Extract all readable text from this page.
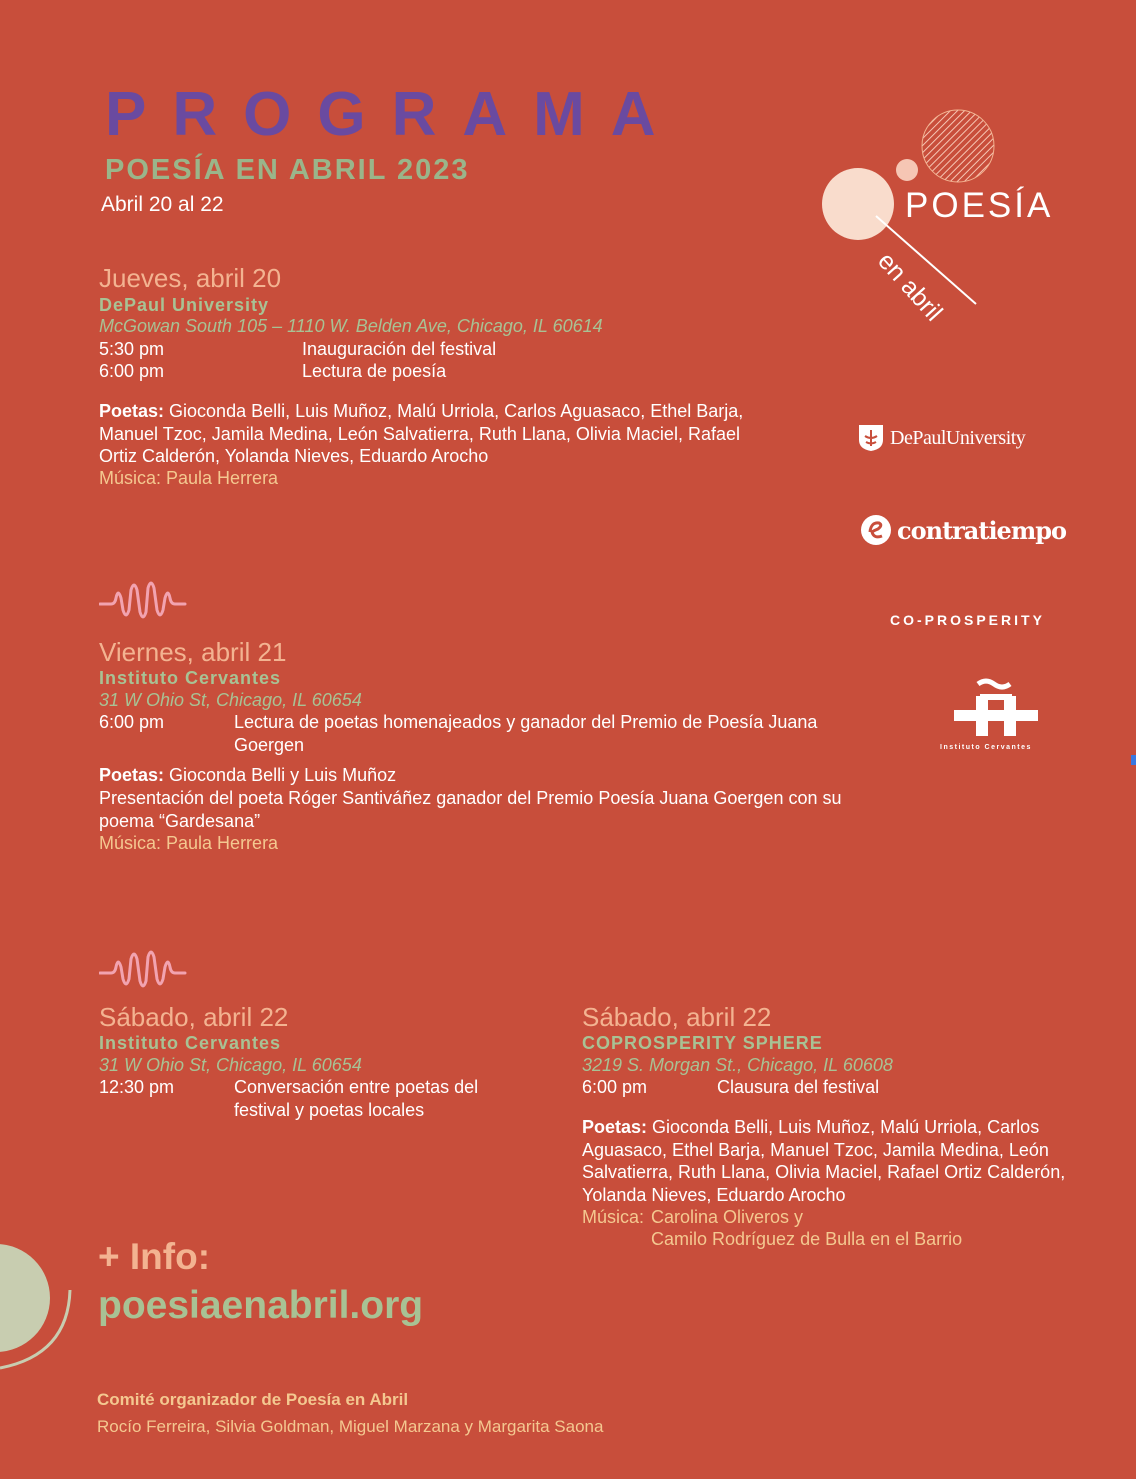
PROGRAMA
POESÍA EN ABRIL 2023
Abril 20 al 22	POESÍA
en abril
Jueves, abril 20
DePaul University
McGowan South 105 – 1110 W. Belden Ave, Chicago, IL 60614
5:30 pm	Inauguración del festival
6:00 pm	Lectura de poesía
Poetas: Gioconda Belli, Luis Muñoz, Malú Urriola, Carlos Aguasaco, Ethel Barja, Manuel Tzoc, Jamila Medina, León Salvatierra, Ruth Llana, Olivia Maciel, Rafael Ortiz Calderón, Yolanda Nieves, Eduardo Arocho
Música: Paula Herrera
Viernes, abril 21
Instituto Cervantes
31 W Ohio St, Chicago, IL 60654
6:00 pm	Lectura de poetas homenajeados y ganador del Premio de Poesía Juana Goergen
Poetas: Gioconda Belli y Luis Muñoz
Presentación del poeta Róger Santiváñez ganador del Premio Poesía Juana Goergen con su poema “Gardesana”
Música: Paula Herrera
Sábado, abril 22
Instituto Cervantes
31 W Ohio St, Chicago, IL 60654
12:30 pm	Conversación entre poetas del festival y poetas locales
Sábado, abril 22
COPROSPERITY SPHERE
3219 S. Morgan St., Chicago, IL 60608
6:00 pm	Clausura del festival
Poetas: Gioconda Belli, Luis Muñoz, Malú Urriola, Carlos Aguasaco, Ethel Barja, Manuel Tzoc, Jamila Medina, León Salvatierra, Ruth Llana, Olivia Maciel, Rafael Ortiz Calderón, Yolanda Nieves, Eduardo Arocho
Música: Carolina Oliveros y
Camilo Rodríguez de Bulla en el Barrio
DePaulUniversity
contratiempo
CO-PROSPERITY
Instituto Cervantes
+ Info:
poesiaenabril.org
Comité organizador de Poesía en Abril
Rocío Ferreira, Silvia Goldman, Miguel Marzana y Margarita Saona
